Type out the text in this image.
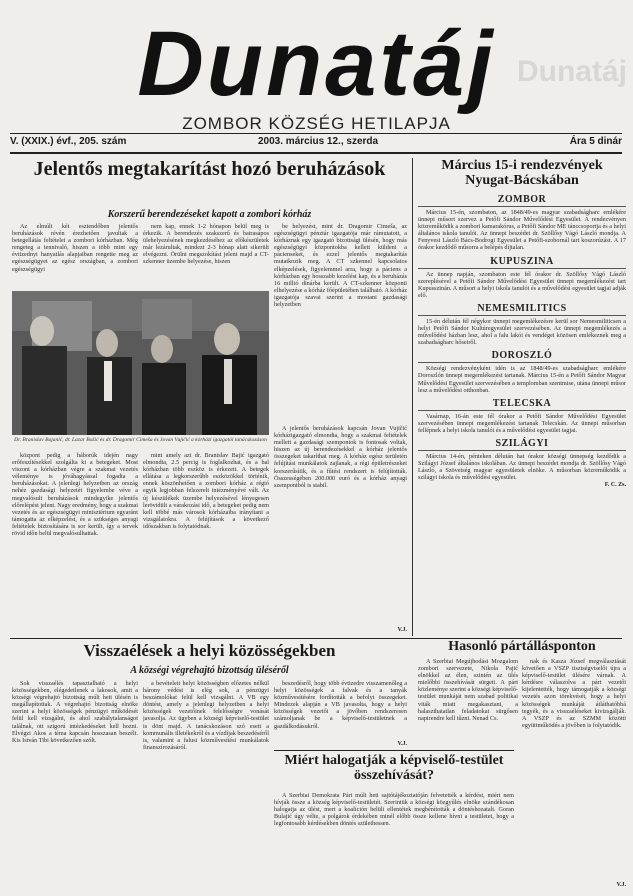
Dunatáj
Dunatáj
ZOMBOR KÖZSÉG HETILAPJA
V. (XXIX.) évf., 205. szám	2003. március 12., szerda	Ára 5 dinár
Jelentős megtakarítást hozó beruházások
Korszerű berendezéseket kapott a zombori kórház

Az elmúlt két esztendőben jelentős beruházások révén érezhetően javultak a betegellátás feltételei a zombori kórházban. Még rengeteg a tennivaló, hiszen a több mint egy évtizednyi hanyatlás alapjaiban rengette meg az egészségügyet az egész országban, a zombori egészségügyi

nem kap, ennek 1-2 hónapon belül meg is érkezik. A berendezés szakszerű és batrasápos ülehelyezésének megkezdéséhez az előkészületek már lezárultak, mindezt 2-3 hónap alatt sikerült elvégezni. Örülni megszokítást jelent majd a CT-szkenner üzembe helyezése, hiszen

be helyezést, mint dr. Dragomir Cimeša, az egészségügyi pénztár igazgatója már rámutatott, a kórháznak egy igazgató bizottsági ülésén, hogy más egészségügyi központokba kellett küldeni a pácienseket, és ezzel jelentős megtakarítás mutatkozik meg. A CT szkennel kapcsolatos elképzelések, figyelemmel arra, hogy a páciens a kórházban egy hosszabb kezelést kap, és a beruházás 16 millió dinárba került. A CT-szkenner központi elhelyezése a kórház főépületében található. A kórház igazgatója szavai szerint a mostani gazdasági helyzetben

Dr. Branislav Bajanić, dr. Lazar Božić és dr. Dragomir Cimeša és Jovan Vujičić a kórházi igazgatói tanácskozáson

központ pedig a háborúk idején nagy erőfeszítésekkel szolgálta ki a betegeket. Most viszont a kórházban végre a szakmai vezetés véleménye is jóváhagyással fogadta a beruházásokat. A jelenlegi helyzetben az ország nehéz gazdasági helyzetét figyelembe véve a megvalósult beruházások mindegyike jelentős előrelépést jelent. Nagy eredmény, hogy a szakmai vezetés és az egészségügyi minisztérium egyaránt támogatta az elképzelést, és a szükséges anyagi feltételek biztosítására is sor került, így a tervek rövid időn belül megvalósulhattak.

mint amely azt dr. Branislav Bajić igazgató elmondta, 2.5 percig is foglalkozhat, és a bal kórházban több eszköz is érkezett. A betegek ellátása a legkorszerűbb eszközökkel történik, ennek köszönhetően a zombori kórház a régió egyik legjobban felszerelt intézményévé vált. Az új készülékek üzembe helyezésével lényegesen lerövidült a várakozási idő, a betegeket pedig nem kell többé más városok kórházaiba irányítani a vizsgálatokra. A felújítások a következő időszakban is folytatódnak.

A jelentős beruházások kapcsán Jovan Vujičić kórházigazgató elmondta, hogy a szakmai feltételek mellett a gazdasági szempontok is fontosak voltak, hiszen az új berendezésekkel a kórház jelentős összegeket takaríthat meg. A kórház egész területén felújítási munkálatok zajlanak, a régi épületrészeket korszerűsítik, és a fűtési rendszert is felújították. Összességében 200.000 euró és a kórház anyagi szempontból is stabil.

V.J.
Március 15-i rendezvények Nyugat-Bácskában
ZOMBOR

Március 15-én, szombaton, az 1848/49-es magyar szabadságharc emlékére ünnepi műsort szervez a Petőfi Sándor Művelődési Egyesület. A rendezvényen közreműködik a zombori kamarakórus, a Petőfi Sándor ME tánccsoportja és a helyi általános iskola tanulói. Az ünnepi beszédet dr. Szöllősy Vágó László mondja. A Fenyvesi László Bács-Bodrogi Egyesület a Petőfi-szobornál tart koszorúzást. A 17 órakor kezdődő műsorra a belépés díjtalan.

KUPUSZINA

Az ünnep napján, szombaton este fél órakor dr. Szöllősy Vágó László szereplésével a Petőfi Sándor Művelődési Egyesület ünnepi megemlékezést tart Kupusszinán. A műsort a helyi iskola tanulói és a művelődési egyesület tagjai adják elő.

NEMESMILITICS

15-én délután fél négykor ünnepi megemlékezésre kerül sor Nemesmiliticsen a helyi Petőfi Sándor Kultúregyesület szervezésében. Az ünnepi megemlékezés a művelődési házban lesz, ahol a falu lakói és vendégei közösen emlékeznek meg a szabadságharc hőseiről.

DOROSZLÓ

Községi rendezvényként idén is az 1848/49-es szabadságharc emlékére Doroszlón ünnepi megemlékezést tartanak. Március 15-én a Petőfi Sándor Magyar Művelődési Egyesület szervezésében a templomban szentmise, utána ünnepi műsor lesz a művelődési otthonban.

TELECSKA

Vasárnap, 16-án este fél órakor a Petőfi Sándor Művelődési Egyesület szervezésében ünnepi megemlékezést tartanak Telecskán. Az ünnepi műsorban fellépnek a helyi iskola tanulói és a művelődési egyesület tagjai.

SZILÁGYI

Március 14-én, pénteken délután hat órakor községi ünnepség kezdődik a Szilágyi József általános iskolában. Az ünnepi beszédet mondja dr. Szöllősy Vágó László, a Szövetség magyar egyesületek elnöke. A műsorban közreműködik a szilágyi iskola és művelődési egyesület.

F. C. Zs.
Visszaélések a helyi közösségekben
A községi végrehajtó bizottság üléséről

Sok visszaélés tapasztalható a helyi közösségekben, elégedetlenek a lakosok, amit a községi végrehajtó bizottság múlt heti ülésén is megállapítottak. A végrehajtó bizottság elnöke szerint a helyi közösségek pénzügyi működését felül kell vizsgálni, és ahol szabálytalanságot találnak, ott szigorú intézkedéseket kell hozni. Elvégzi Akos a téma kapcsán hosszasan beszélt. Kis István Tibi következően szólt.

a bevételeit helyi közösségben előzetes nélkül hárony védést is elég sok, a pénzügyi beszámolókat felül kell vizsgálni. A VB egy döntést, amely a jelenlegi helyzetben a helyi közösségek vezetőinek felelősségre vonását javasolja. Az ügyben a községi képviselő-testület is dönt majd. A tanácskozáson szó esett a kommunális illetékekről és a vízdíjak beszedéséről is, valamint a falusi közművesítési munkálatok finanszírozásáról.

beszedésről, hogy több évtizedre visszamenőleg a helyi közösségek a falvak és a tanyák közművesítésére fordították a befolyt összegeket. Mindezek alapján a VB javasolta, hogy a helyi közösségek vezetői a jövőben rendszeresen számoljanak be a képviselő-testületnek a gazdálkodásukról.

V.J.
Miért halogatják a képviselő-testület összehívását?

A Szerbiai Demokrata Párt múlt heti sajtótájékoztatóján felvetették a kérdést, miért nem hívják össze a község képviselő-testületét. Szerintük a községi közgyűlés elnöke szándékosan halogatja az ülést, mert a koalíción belüli ellentétek megbénították a döntéshozatalt. Goran Bulajić úgy vélte, a polgárok érdekében minél előbb össze kellene hívni a testületet, hogy a legfontosabb kérdésekben döntés születhessen.

Hasonló pártállásponton

A Szerbiai Megújhodási Mozgalom zombori szervezete, Nikola Pajić elnökkel az élen, szintén az ülés mielőbbi összehívását sürgeti. A párt közleménye szerint a községi képviselő-testület munkáját nem szabad politikai viták miatt megakasztani, a halaszthatatlan feladatokat sürgősen napirendre kell tűzni. Nenad Cs.

nak és Kasza József megválasztását követően a VSZP tisztségviselői újra a képviselő-testület ülésére várnak. A kérdésre válaszolva a párt vezetői kijelentették, hogy támogatják a községi vezetés azon törekvését, hogy a helyi közösségek munkáját átláthatóbbá tegyék, és a visszaéléseket kivizsgálják. A VSZP és az SZMM közötti együttműködés a jövőben is folytatódik.

V.J.
